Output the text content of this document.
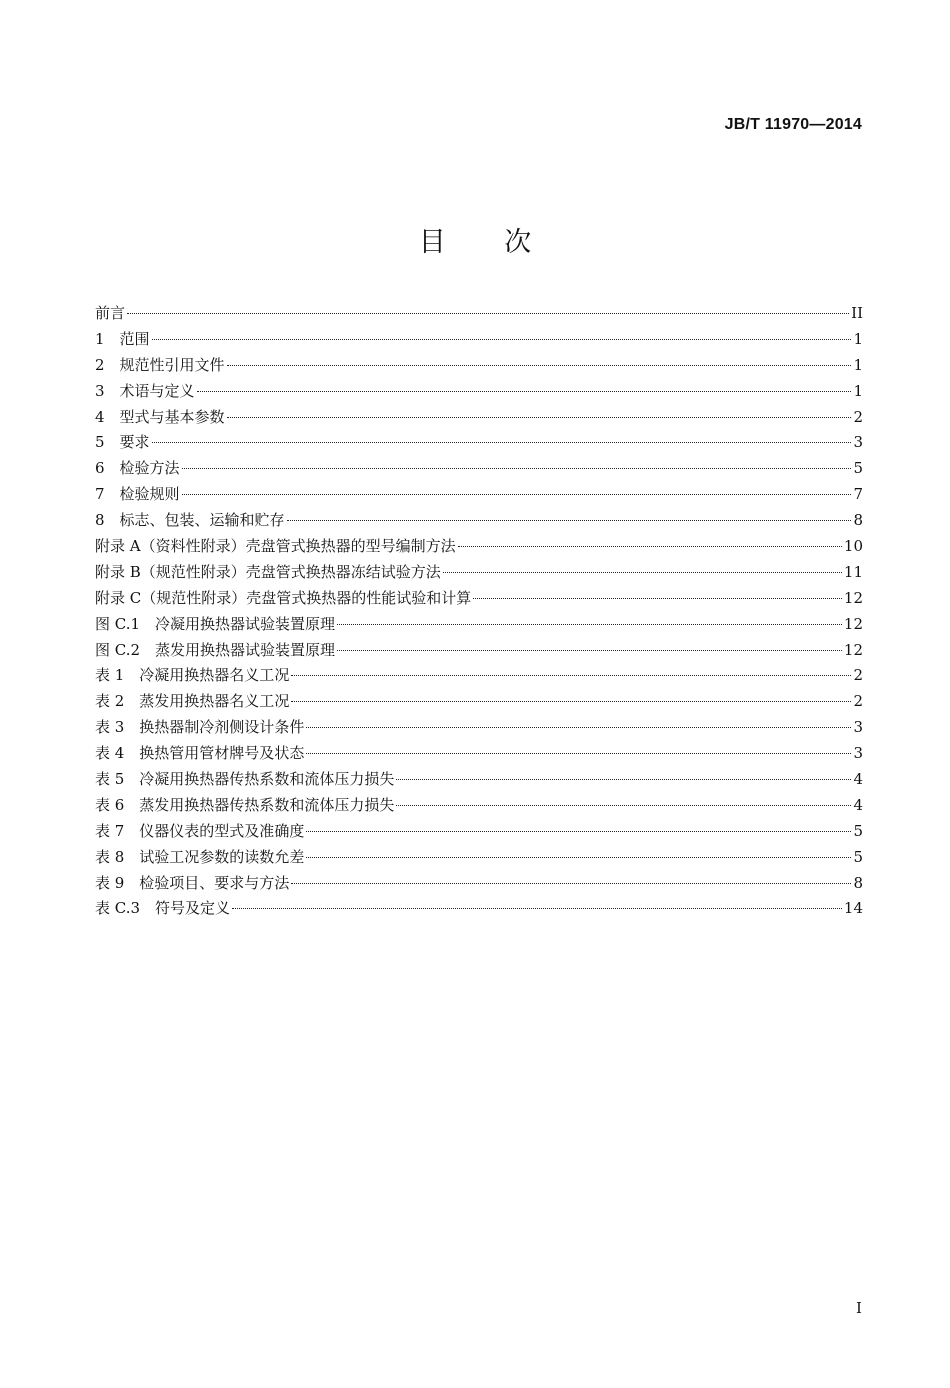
JB/T 11970—2014
目 次
前言	II
1 范围	1
2 规范性引用文件	1
3 术语与定义	1
4 型式与基本参数	2
5 要求	3
6 检验方法	5
7 检验规则	7
8 标志、包装、运输和贮存	8
附录 A（资料性附录）壳盘管式换热器的型号编制方法	10
附录 B（规范性附录）壳盘管式换热器冻结试验方法	11
附录 C（规范性附录）壳盘管式换热器的性能试验和计算	12
图 C.1 冷凝用换热器试验装置原理	12
图 C.2 蒸发用换热器试验装置原理	12
表 1 冷凝用换热器名义工况	2
表 2 蒸发用换热器名义工况	2
表 3 换热器制冷剂侧设计条件	3
表 4 换热管用管材牌号及状态	3
表 5 冷凝用换热器传热系数和流体压力损失	4
表 6 蒸发用换热器传热系数和流体压力损失	4
表 7 仪器仪表的型式及准确度	5
表 8 试验工况参数的读数允差	5
表 9 检验项目、要求与方法	8
表 C.3 符号及定义	14
I
